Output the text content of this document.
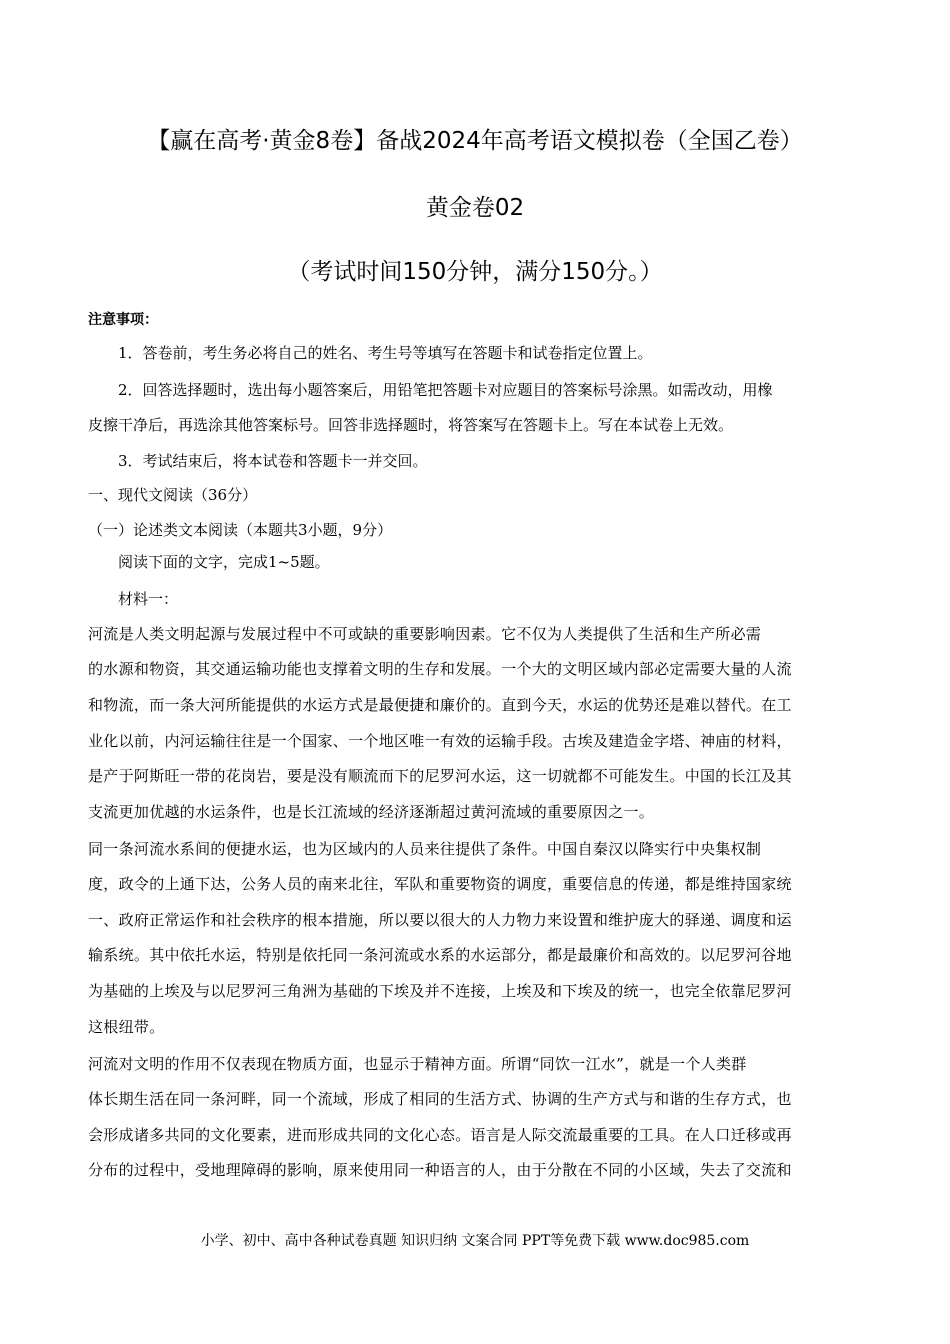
【赢在高考·黄金8卷】备战2024年高考语文模拟卷（全国乙卷）
黄金卷02
（考试时间150分钟，满分150分。）
注意事项：
1．答卷前，考生务必将自己的姓名、考生号等填写在答题卡和试卷指定位置上。
2．回答选择题时，选出每小题答案后，用铅笔把答题卡对应题目的答案标号涂黑。如需改动，用橡
皮擦干净后，再选涂其他答案标号。回答非选择题时，将答案写在答题卡上。写在本试卷上无效。
3．考试结束后，将本试卷和答题卡一并交回。
一、现代文阅读（36分）
（一）论述类文本阅读（本题共3小题，9分）
阅读下面的文字，完成1~5题。
材料一：
河流是人类文明起源与发展过程中不可或缺的重要影响因素。它不仅为人类提供了生活和生产所必需
的水源和物资，其交通运输功能也支撑着文明的生存和发展。一个大的文明区域内部必定需要大量的人流
和物流，而一条大河所能提供的水运方式是最便捷和廉价的。直到今天，水运的优势还是难以替代。在工
业化以前，内河运输往往是一个国家、一个地区唯一有效的运输手段。古埃及建造金字塔、神庙的材料，
是产于阿斯旺一带的花岗岩，要是没有顺流而下的尼罗河水运，这一切就都不可能发生。中国的长江及其
支流更加优越的水运条件，也是长江流域的经济逐渐超过黄河流域的重要原因之一。
同一条河流水系间的便捷水运，也为区域内的人员来往提供了条件。中国自秦汉以降实行中央集权制
度，政令的上通下达，公务人员的南来北往，军队和重要物资的调度，重要信息的传递，都是维持国家统
一、政府正常运作和社会秩序的根本措施，所以要以很大的人力物力来设置和维护庞大的驿递、调度和运
输系统。其中依托水运，特别是依托同一条河流或水系的水运部分，都是最廉价和高效的。以尼罗河谷地
为基础的上埃及与以尼罗河三角洲为基础的下埃及并不连接，上埃及和下埃及的统一，也完全依靠尼罗河
这根纽带。
河流对文明的作用不仅表现在物质方面，也显示于精神方面。所谓“同饮一江水”，就是一个人类群
体长期生活在同一条河畔，同一个流域，形成了相同的生活方式、协调的生产方式与和谐的生存方式，也
会形成诸多共同的文化要素，进而形成共同的文化心态。语言是人际交流最重要的工具。在人口迁移或再
分布的过程中，受地理障碍的影响，原来使用同一种语言的人，由于分散在不同的小区域，失去了交流和
小学、初中、高中各种试卷真题 知识归纳 文案合同 PPT等免费下载 www.doc985.com
